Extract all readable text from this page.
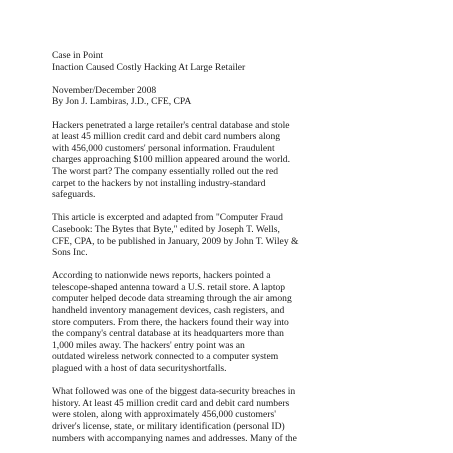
Case in Point
Inaction Caused Costly Hacking At Large Retailer

November/December 2008
By Jon J. Lambiras, J.D., CFE, CPA

Hackers penetrated a large retailer's central database and stole
at least 45 million credit card and debit card numbers along
with 456,000 customers' personal information. Fraudulent
charges approaching $100 million appeared around the world.
The worst part? The company essentially rolled out the red
carpet to the hackers by not installing industry-standard
safeguards.

This article is excerpted and adapted from "Computer Fraud
Casebook: The Bytes that Byte," edited by Joseph T. Wells,
CFE, CPA, to be published in January, 2009 by John T. Wiley &
Sons Inc.

According to nationwide news reports, hackers pointed a
telescope-shaped antenna toward a U.S. retail store. A laptop
computer helped decode data streaming through the air among
handheld inventory management devices, cash registers, and
store computers. From there, the hackers found their way into
the company's central database at its headquarters more than
1,000 miles away. The hackers' entry point was an
outdated wireless network connected to a computer system
plagued with a host of data securityshortfalls.

What followed was one of the biggest data-security breaches in
history. At least 45 million credit card and debit card numbers
were stolen, along with approximately 456,000 customers'
driver's license, state, or military identification (personal ID)
numbers with accompanying names and addresses. Many of the
